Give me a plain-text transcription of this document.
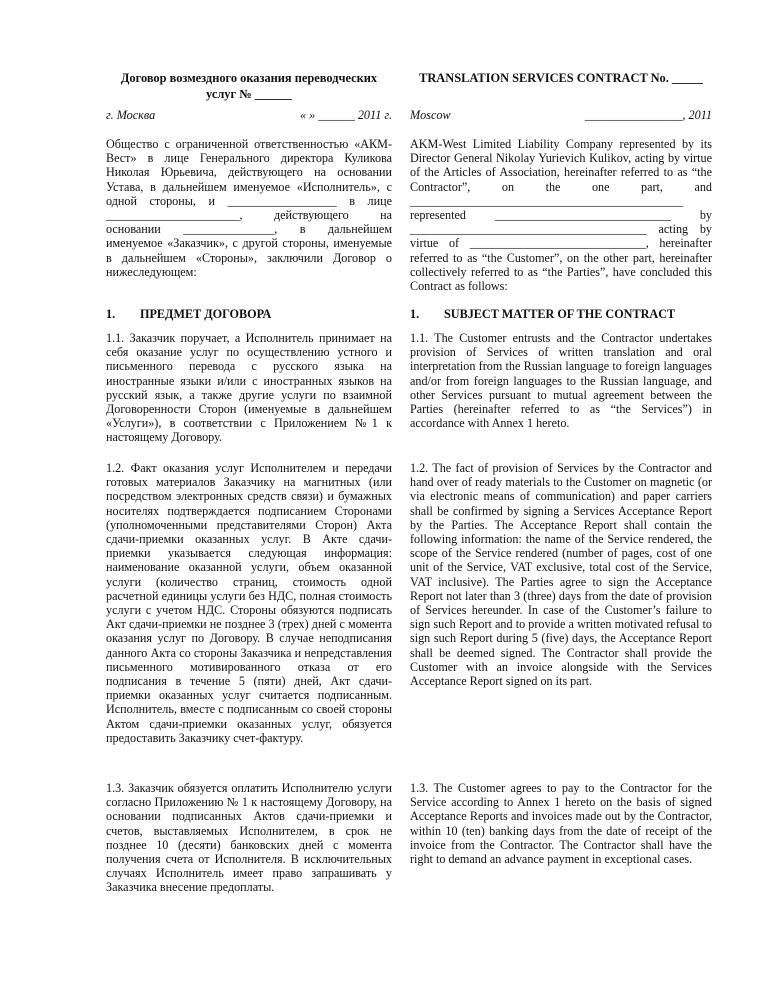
Договор возмездного оказания переводческих услуг № ______

г. Москва	« » ______ 2011 г.

Общество с ограниченной ответственностью «АКМ-Вест» в лице Генерального директора Куликова Николая Юрьевича, действующего на основании Устава, в дальнейшем именуемое «Исполнитель», с одной стороны, и __________________ в лице ______________________, действующего на основании _______________, в дальнейшем именуемое «Заказчик», с другой стороны, именуемые в дальнейшем «Стороны», заключили Договор о нижеследующем:

1.	ПРЕДМЕТ ДОГОВОРА

1.1. Заказчик поручает, а Исполнитель принимает на себя оказание услуг по осуществлению устного и письменного перевода с русского языка на иностранные языки и/или с иностранных языков на русский язык, а также другие услуги по взаимной Договоренности Сторон (именуемые в дальнейшем «Услуги»), в соответствии с Приложением №1 к настоящему Договору.

1.2. Факт оказания услуг Исполнителем и передачи готовых материалов Заказчику на магнитных (или посредством электронных средств связи) и бумажных носителях подтверждается подписанием Сторонами (уполномоченными представителями Сторон) Акта сдачи-приемки оказанных услуг. В Акте сдачи-приемки указывается следующая информация: наименование оказанной услуги, объем оказанной услуги (количество страниц, стоимость одной расчетной единицы услуги без НДС, полная стоимость услуги с учетом НДС. Стороны обязуются подписать Акт сдачи-приемки не позднее 3 (трех) дней с момента оказания услуг по Договору. В случае неподписания данного Акта со стороны Заказчика и непредставления письменного мотивированного отказа от его подписания в течение 5 (пяти) дней, Акт сдачи-приемки оказанных услуг считается подписанным. Исполнитель, вместе с подписанным со своей стороны Актом сдачи-приемки оказанных услуг, обязуется предоставить Заказчику счет-фактуру.

1.3. Заказчик обязуется оплатить Исполнителю услуги согласно Приложению № 1 к настоящему Договору, на основании подписанных Актов сдачи-приемки и счетов, выставляемых Исполнителем, в срок не позднее 10 (десяти) банковских дней с момента получения счета от Исполнителя. В исключительных случаях Исполнитель имеет право запрашивать у Заказчика внесение предоплаты.

TRANSLATION SERVICES CONTRACT No. _____

Moscow	________________, 2011

AKM-West Limited Liability Company represented by its Director General Nikolay Yurievich Kulikov, acting by virtue of the Articles of Association, hereinafter referred to as “the Contractor”, on the one part, and _____________________________________________ represented _____________________________ by _______________________________________ acting by virtue of _____________________________, hereinafter referred to as “the Customer”, on the other part, hereinafter collectively referred to as “the Parties”, have concluded this Contract as follows:

1.	SUBJECT MATTER OF THE CONTRACT

1.1. The Customer entrusts and the Contractor undertakes provision of Services of written translation and oral interpretation from the Russian language to foreign languages and/or from foreign languages to the Russian language, and other Services pursuant to mutual agreement between the Parties (hereinafter referred to as “the Services”) in accordance with Annex 1 hereto.

1.2. The fact of provision of Services by the Contractor and hand over of ready materials to the Customer on magnetic (or via electronic means of communication) and paper carriers shall be confirmed by signing a Services Acceptance Report by the Parties. The Acceptance Report shall contain the following information: the name of the Service rendered, the scope of the Service rendered (number of pages, cost of one unit of the Service, VAT exclusive, total cost of the Service, VAT inclusive). The Parties agree to sign the Acceptance Report not later than 3 (three) days from the date of provision of Services hereunder. In case of the Customer’s failure to sign such Report and to provide a written motivated refusal to sign such Report during 5 (five) days, the Acceptance Report shall be deemed signed. The Contractor shall provide the Customer with an invoice alongside with the Services Acceptance Report signed on its part.

1.3. The Customer agrees to pay to the Contractor for the Service according to Annex 1 hereto on the basis of signed Acceptance Reports and invoices made out by the Contractor, within 10 (ten) banking days from the date of receipt of the invoice from the Contractor. The Contractor shall have the right to demand an advance payment in exceptional cases.
